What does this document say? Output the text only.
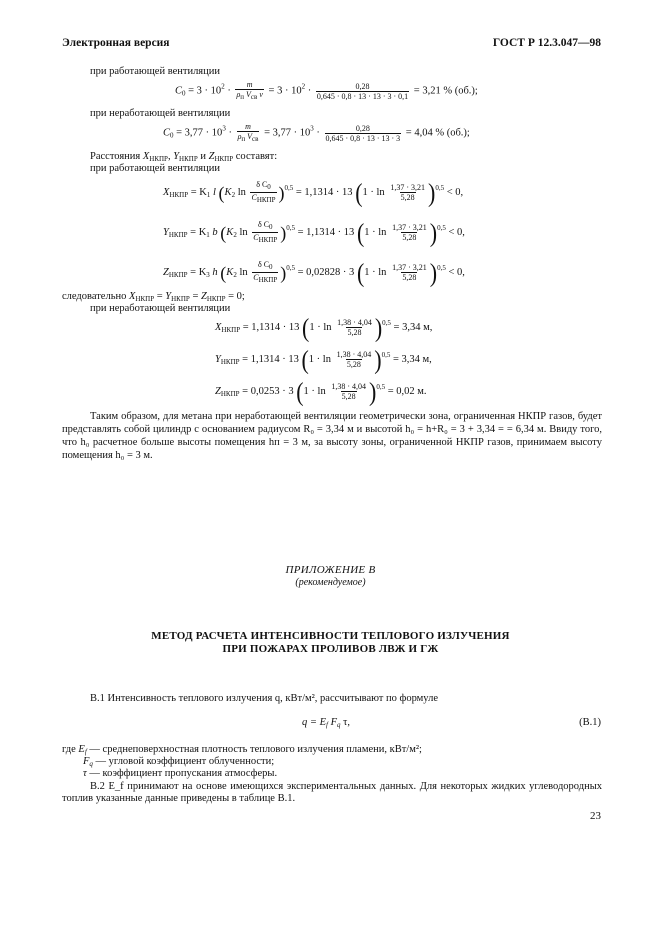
Электронная версия	ГОСТ Р 12.3.047—98
при работающей вентиляции
$C_0 = 3 \cdot 10^2 \cdot \frac{m}{\text{ρп Vсв ν}} = 3 \cdot 10^2 \cdot \frac{0,28}{0,645 \cdot 0,8 \cdot 13 \cdot 13 \cdot 3 \cdot 0,1} = 3,21$ % (об.);
при неработающей вентиляции
$C_0 = 3,77 \cdot 10^3 \cdot \frac{m}{\text{ρп Vсв}} = 3,77 \cdot 10^3 \cdot \frac{0,28}{0,645 \cdot 0,8 \cdot 13 \cdot 13 \cdot 3} = 4,04$ % (об.);
Расстояния $X_{НКПР}$, $Y_{НКПР}$ и $Z_{НКПР}$ составят:
при работающей вентиляции
$X_{НКПР} = K_1$ l ($K_2$ $\ln \frac{\text{δ C0}}{\text{CНКПР}} )^{0,5} = 1,1314 \cdot 13$ $(1 \cdot \ln \frac{1,37 \cdot 3,21}{5,28} )^{0,5} < 0$,
$Y_{НКПР} = K_1$ b ($K_2$ $\ln \frac{\text{δ C0}}{\text{CНКПР}} )^{0,5} = 1,1314 \cdot 13$ $(1 \cdot \ln \frac{1,37 \cdot 3,21}{5,28} )^{0,5} < 0$,
$Z_{НКПР} = K_3$ h ($K_2$ $\ln \frac{\text{δ C0}}{\text{CНКПР}} )^{0,5} = 0,02828 \cdot 3$ $(1 \cdot \ln \frac{1,37 \cdot 3,21}{5,28} )^{0,5} < 0$,
следовательно $X_{НКПР} = Y_{НКПР} = Z_{НКПР} = 0$;
при неработающей вентиляции
$X_{НКПР} = 1,1314 \cdot 13$ $(1 \cdot \ln \frac{1,38 \cdot 4,04}{5,28} )^{0,5} = 3,34$ м,
$Y_{НКПР} = 1,1314 \cdot 13$ $(1 \cdot \ln \frac{1,38 \cdot 4,04}{5,28} )^{0,5} = 3,34$ м,
$Z_{НКПР} = 0,0253 \cdot 3$ $(1 \cdot \ln \frac{1,38 \cdot 4,04}{5,28} )^{0,5} = 0,02$ м.
Таким образом, для метана при неработающей вентиляции геометрически зона, ограниченная НКПР газов, будет представлять собой цилиндр с основанием радиусом R₀ = 3,34 м и высотой h₀ = h+R₀ = 3 + 3,34 = = 6,34 м. Ввиду того, что h₀ расчетное больше высоты помещения hп = 3 м, за высоту зоны, ограниченной НКПР газов, принимаем высоту помещения h₀ = 3 м.
ПРИЛОЖЕНИЕ В
(рекомендуемое)
МЕТОД РАСЧЕТА ИНТЕНСИВНОСТИ ТЕПЛОВОГО ИЗЛУЧЕНИЯ
ПРИ ПОЖАРАХ ПРОЛИВОВ ЛВЖ И ГЖ
В.1 Интенсивность теплового излучения q, кВт/м², рассчитывают по формуле
q = Ef Fq τ,	(В.1)
где Ef — среднеповерхностная плотность теплового излучения пламени, кВт/м²;
Fq — угловой коэффициент облученности;
τ — коэффициент пропускания атмосферы.
В.2 E_f принимают на основе имеющихся экспериментальных данных. Для некоторых жидких углеводородных топлив указанные данные приведены в таблице В.1.
23
